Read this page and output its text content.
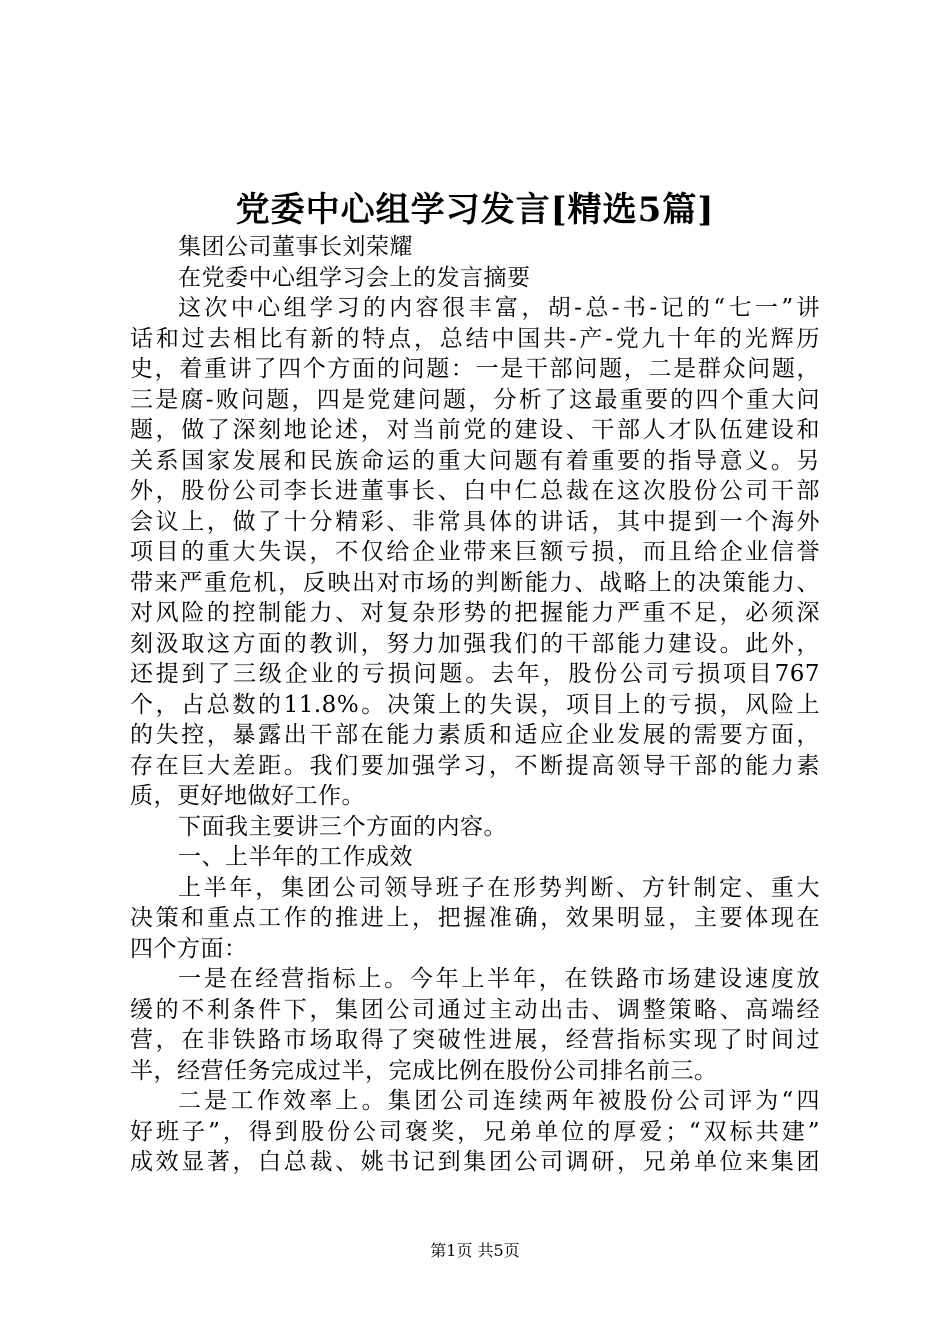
党委中心组学习发言[精选5篇]
集团公司董事长刘荣耀
在党委中心组学习会上的发言摘要
这次中心组学习的内容很丰富，胡-总-书-记的“七一”讲
话和过去相比有新的特点，总结中国共-产-党九十年的光辉历
史，着重讲了四个方面的问题：一是干部问题，二是群众问题，
三是腐-败问题，四是党建问题，分析了这最重要的四个重大问
题，做了深刻地论述，对当前党的建设、干部人才队伍建设和
关系国家发展和民族命运的重大问题有着重要的指导意义。另
外，股份公司李长进董事长、白中仁总裁在这次股份公司干部
会议上，做了十分精彩、非常具体的讲话，其中提到一个海外
项目的重大失误，不仅给企业带来巨额亏损，而且给企业信誉
带来严重危机，反映出对市场的判断能力、战略上的决策能力、
对风险的控制能力、对复杂形势的把握能力严重不足，必须深
刻汲取这方面的教训，努力加强我们的干部能力建设。此外，
还提到了三级企业的亏损问题。去年，股份公司亏损项目767
个，占总数的11.8%。决策上的失误，项目上的亏损，风险上
的失控，暴露出干部在能力素质和适应企业发展的需要方面，
存在巨大差距。我们要加强学习，不断提高领导干部的能力素
质，更好地做好工作。
下面我主要讲三个方面的内容。
一、上半年的工作成效
上半年，集团公司领导班子在形势判断、方针制定、重大
决策和重点工作的推进上，把握准确，效果明显，主要体现在
四个方面：
一是在经营指标上。今年上半年，在铁路市场建设速度放
缓的不利条件下，集团公司通过主动出击、调整策略、高端经
营，在非铁路市场取得了突破性进展，经营指标实现了时间过
半，经营任务完成过半，完成比例在股份公司排名前三。
二是工作效率上。集团公司连续两年被股份公司评为“四
好班子”，得到股份公司褒奖，兄弟单位的厚爱；“双标共建”
成效显著，白总裁、姚书记到集团公司调研，兄弟单位来集团
第1页 共5页
